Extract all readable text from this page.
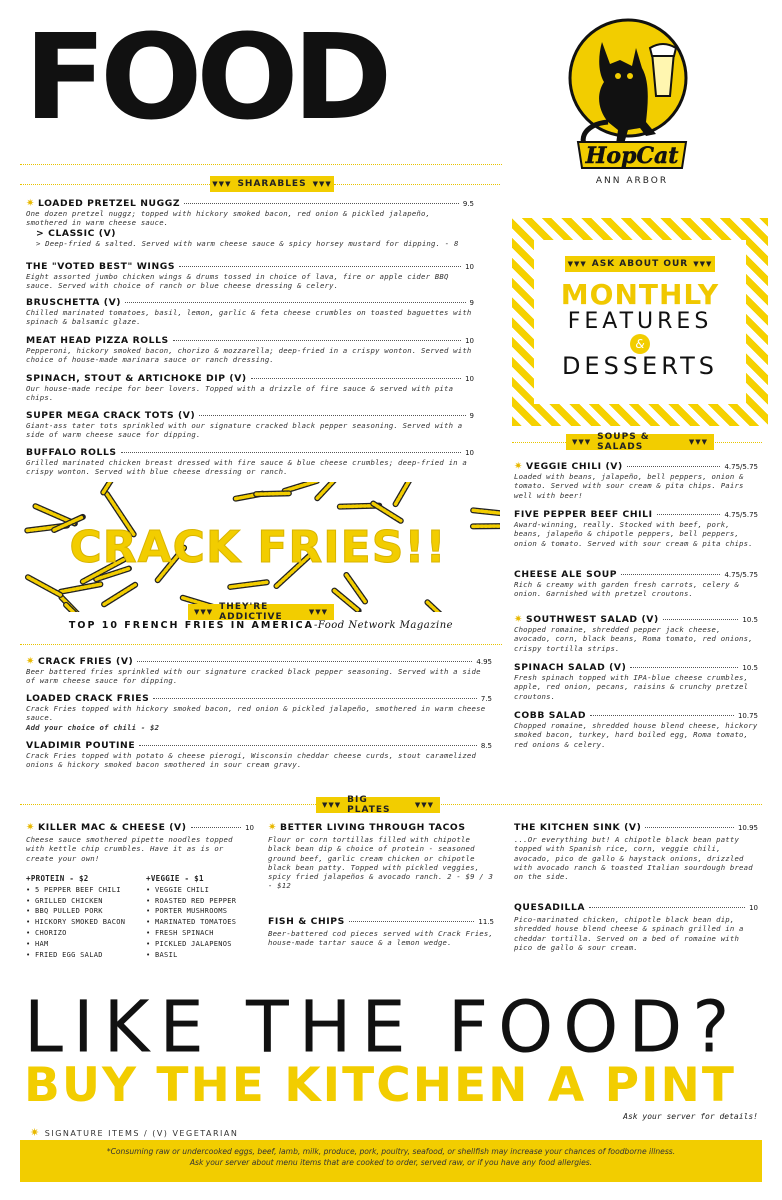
FOOD
HopCat
ANN ARBOR
▼▼▼ SHARABLES ▼▼▼
✷ LOADED PRETZEL NUGGZ	9.5
One dozen pretzel nuggz; topped with hickory smoked bacon, red onion & pickled jalapeño, smothered in warm cheese sauce.
> CLASSIC (V)
> Deep-fried & salted. Served with warm cheese sauce & spicy horsey mustard for dipping. - 8
THE "VOTED BEST" WINGS	10
Eight assorted jumbo chicken wings & drums tossed in choice of lava, fire or apple cider BBQ sauce. Served with choice of ranch or blue cheese dressing & celery.
BRUSCHETTA (V)	9
Chilled marinated tomatoes, basil, lemon, garlic & feta cheese crumbles on toasted baguettes with spinach & balsamic glaze.
MEAT HEAD PIZZA ROLLS	10
Pepperoni, hickory smoked bacon, chorizo & mozzarella; deep-fried in a crispy wonton. Served with choice of house-made marinara sauce or ranch dressing.
SPINACH, STOUT & ARTICHOKE DIP (V)	10
Our house-made recipe for beer lovers. Topped with a drizzle of fire sauce & served with pita chips.
SUPER MEGA CRACK TOTS (V)	9
Giant-ass tater tots sprinkled with our signature cracked black pepper seasoning. Served with a side of warm cheese sauce for dipping.
BUFFALO ROLLS	10
Grilled marinated chicken breast dressed with fire sauce & blue cheese crumbles; deep-fried in a crispy wonton. Served with blue cheese dressing or ranch.
▼▼▼ ASK ABOUT OUR ▼▼▼
MONTHLY
FEATURES
&
DESSERTS
▼▼▼ SOUPS & SALADS	▼▼▼
✷ VEGGIE CHILI (V)	4.75/5.75
Loaded with beans, jalapeño, bell peppers, onion & tomato. Served with sour cream & pita chips. Pairs well with beer!
FIVE PEPPER BEEF CHILI	4.75/5.75
Award-winning, really. Stocked with beef, pork, beans, jalapeño & chipotle peppers, bell peppers, onion & tomato. Served with sour cream & pita chips.
CHEESE ALE SOUP	4.75/5.75
Rich & creamy with garden fresh carrots, celery & onion. Garnished with pretzel croutons.
✷ SOUTHWEST SALAD (V)	10.5
Chopped romaine, shredded pepper jack cheese, avocado, corn, black beans, Roma tomato, red onions, crispy tortilla strips.
SPINACH SALAD (V)	10.5
Fresh spinach topped with IPA-blue cheese crumbles, apple, red onion, pecans, raisins & crunchy pretzel croutons.
COBB SALAD	10.75
Chopped romaine, shredded house blend cheese, hickory smoked bacon, turkey, hard boiled egg, Roma tomato, red onions & celery.
CRACK FRIES!!
▼▼▼ THEY'RE ADDICTIVE	▼▼▼
TOP 10 FRENCH FRIES IN AMERICA-Food Network Magazine
✷ CRACK FRIES (V)	4.95
Beer battered fries sprinkled with our signature cracked black pepper seasoning. Served with a side of warm cheese sauce for dipping.
LOADED CRACK FRIES	7.5
Crack Fries topped with hickory smoked bacon, red onion & pickled jalapeño, smothered in warm cheese sauce.
Add your choice of chili - $2
VLADIMIR POUTINE	8.5
Crack Fries topped with potato & cheese pierogi, Wisconsin cheddar cheese curds, stout caramelized onions & hickory smoked bacon smothered in sour cream gravy.
▼▼▼ BIG PLATES	▼▼▼
✷ KILLER MAC & CHEESE (V)	10
Cheese sauce smothered pipette noodles topped with kettle chip crumbles. Have it as is or create your own!
+PROTEIN - $2
• 5 PEPPER BEEF CHILI
• GRILLED CHICKEN
• BBQ PULLED PORK
• HICKORY SMOKED BACON
• CHORIZO
• HAM
• FRIED EGG SALAD
+VEGGIE - $1
• VEGGIE CHILI
• ROASTED RED PEPPER
• PORTER MUSHROOMS
• MARINATED TOMATOES
• FRESH SPINACH
• PICKLED JALAPENOS
• BASIL
✷ BETTER LIVING THROUGH TACOS
Flour or corn tortillas filled with chipotle black bean dip & choice of protein - seasoned ground beef, garlic cream chicken or chipotle black bean patty. Topped with pickled veggies, spicy fried jalapeños & avocado ranch. 2 - $9 / 3 - $12
FISH & CHIPS	11.5
Beer-battered cod pieces served with Crack Fries, house-made tartar sauce & a lemon wedge.
THE KITCHEN SINK (V)	10.95
...Or everything but! A chipotle black bean patty topped with Spanish rice, corn, veggie chili, avocado, pico de gallo & haystack onions, drizzled with avocado ranch & toasted Italian sourdough bread on the side.
QUESADILLA	10
Pico-marinated chicken, chipotle black bean dip, shredded house blend cheese & spinach grilled in a cheddar tortilla. Served on a bed of romaine with pico de gallo & sour cream.
LIKE THE FOOD?
BUY THE KITCHEN A PINT
Ask your server for details!
✷ SIGNATURE ITEMS / (V) VEGETARIAN
*Consuming raw or undercooked eggs, beef, lamb, milk, produce, pork, poultry, seafood, or shellfish may increase your chances of foodborne illness.
Ask your server about menu items that are cooked to order, served raw, or if you have any food allergies.
